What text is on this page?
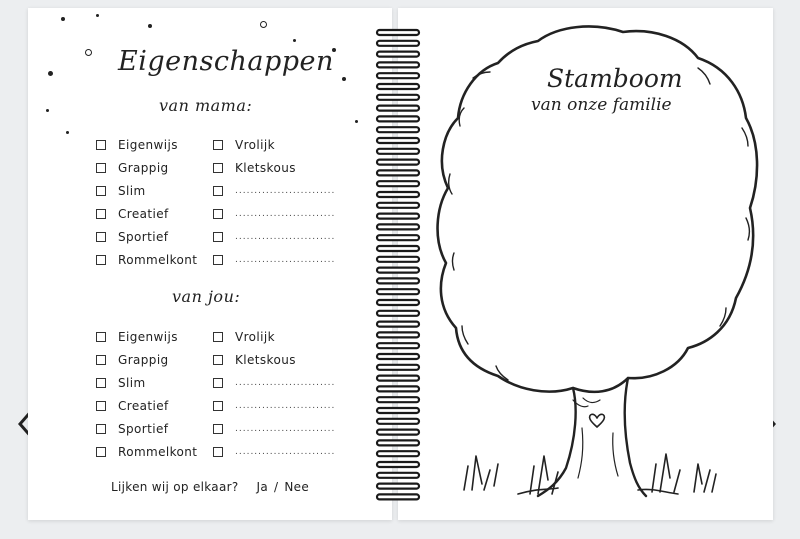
Eigenschappen
van mama:
Eigenwijs
Grappig
Slim
Creatief
Sportief
Rommelkont
Vrolijk
Kletskous
..........................
..........................
..........................
..........................
van jou:
Eigenwijs
Grappig
Slim
Creatief
Sportief
Rommelkont
Vrolijk
Kletskous
..........................
..........................
..........................
..........................
Lijken wij op elkaar? Ja / Nee
Stamboom
van onze familie
